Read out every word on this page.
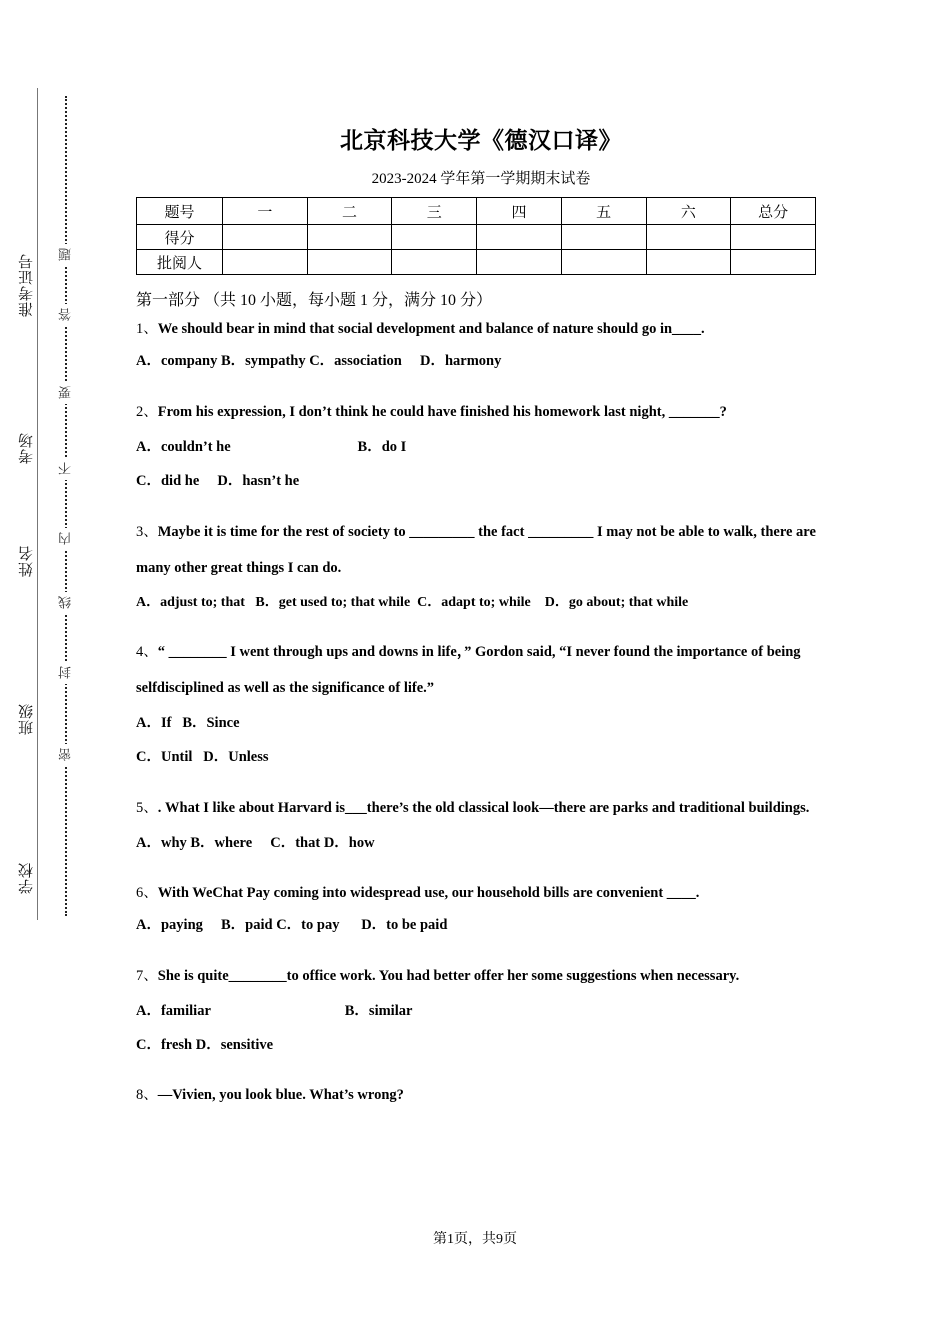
准考证号
考场
姓名
班级
学校
题
答
要
不
内
线
封
密
北京科技大学《德汉口译》
2023-2024 学年第一学期期末试卷
题号	一	二	三	四	五	六	总分
得分							
批阅人							
第一部分 （共 10 小题，每小题 1 分，满分 10 分）
1、We should bear in mind that social development and balance of nature should go in____.
A．company B．sympathy C．association     D．harmony
2、From his expression, I don’t think he could have finished his homework last night, _______?
A．couldn’t he                                   B．do I
C．did he     D．hasn’t he
3、Maybe it is time for the rest of society to _________ the fact _________ I may not be able to walk, there are many other great things I can do.
A．adjust to; that   B．get used to; that while  C．adapt to; while    D．go about; that while
4、“ ________ I went through ups and downs in life，” Gordon said, “I never found the importance of being selfdisciplined as well as the significance of life.”
A．If   B．Since
C．Until   D．Unless
5、. What I like about Harvard is___there’s the old classical look—there are parks and traditional buildings.
A．why B．where     C．that D．how
6、With WeChat Pay coming into widespread use, our household bills are convenient ____.
A．paying     B．paid C．to pay      D．to be paid
7、She is quite________to office work. You had better offer her some suggestions when necessary.
A．familiar                                     B．similar
C．fresh D．sensitive
8、—Vivien, you look blue. What’s wrong?
第1页，共9页
